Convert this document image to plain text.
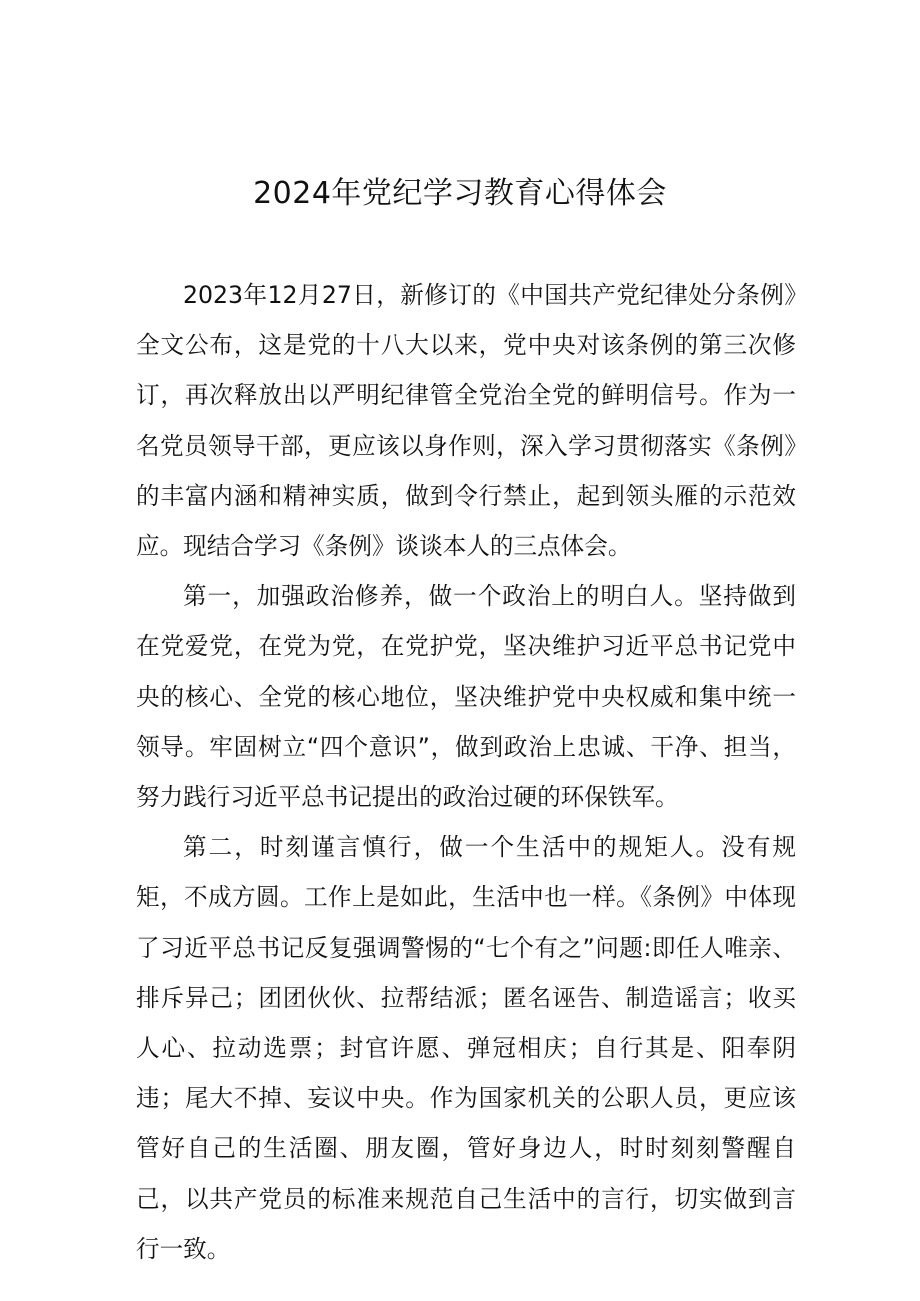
2024年党纪学习教育心得体会

2023年12月27日，新修订的《中国共产党纪律处分条例》全文公布，这是党的十八大以来，党中央对该条例的第三次修订，再次释放出以严明纪律管全党治全党的鲜明信号。作为一名党员领导干部，更应该以身作则，深入学习贯彻落实《条例》的丰富内涵和精神实质，做到令行禁止，起到领头雁的示范效应。现结合学习《条例》谈谈本人的三点体会。

第一，加强政治修养，做一个政治上的明白人。坚持做到在党爱党，在党为党，在党护党，坚决维护习近平总书记党中央的核心、全党的核心地位，坚决维护党中央权威和集中统一领导。牢固树立“四个意识”，做到政治上忠诚、干净、担当，努力践行习近平总书记提出的政治过硬的环保铁军。

第二，时刻谨言慎行，做一个生活中的规矩人。没有规矩，不成方圆。工作上是如此，生活中也一样。《条例》中体现了习近平总书记反复强调警惕的“七个有之”问题:即任人唯亲、排斥异己；团团伙伙、拉帮结派；匿名诬告、制造谣言；收买人心、拉动选票；封官许愿、弹冠相庆；自行其是、阳奉阴违；尾大不掉、妄议中央。作为国家机关的公职人员，更应该管好自己的生活圈、朋友圈，管好身边人，时时刻刻警醒自己，以共产党员的标准来规范自己生活中的言行，切实做到言行一致。
